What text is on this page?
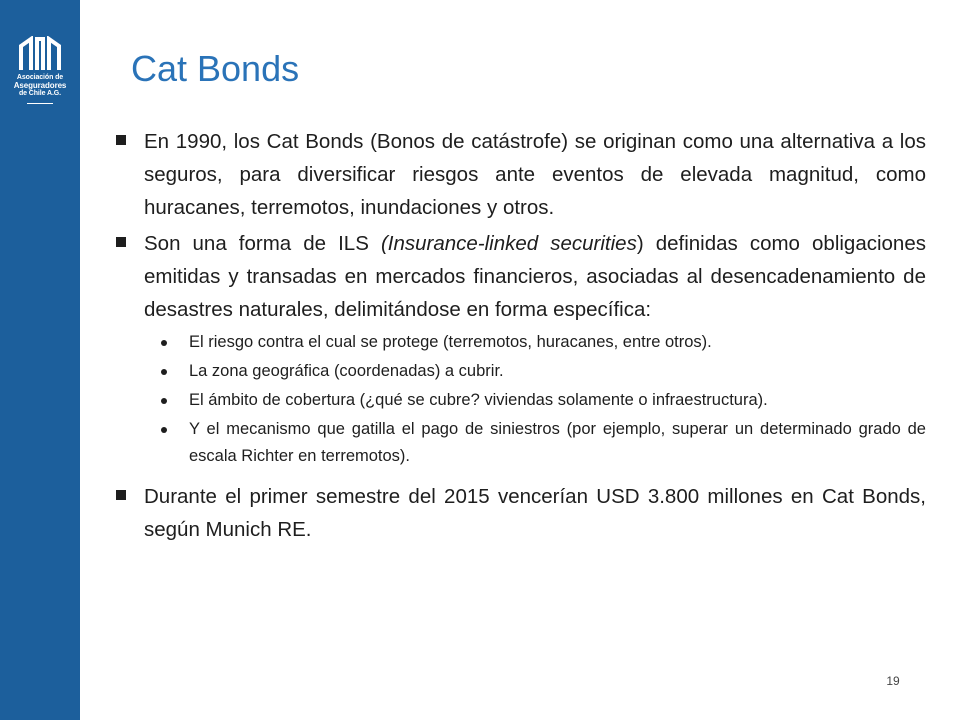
Asociación de
Aseguradores
de Chile A.G.
Cat Bonds
En 1990, los Cat Bonds (Bonos de catástrofe) se originan como una alternativa a los seguros, para diversificar riesgos ante eventos de elevada magnitud, como huracanes, terremotos, inundaciones y otros.
Son una forma de ILS (Insurance-linked securities) definidas como obligaciones emitidas y transadas en mercados financieros, asociadas al desencadenamiento de desastres naturales, delimitándose en forma específica:
El riesgo contra el cual se protege (terremotos, huracanes, entre otros).
La zona geográfica (coordenadas) a cubrir.
El ámbito de cobertura (¿qué se cubre? viviendas solamente o infraestructura).
Y el mecanismo que gatilla el pago de siniestros (por ejemplo, superar un determinado grado de escala Richter en terremotos).
Durante el primer semestre del 2015 vencerían USD 3.800 millones en Cat Bonds, según Munich RE.
19
